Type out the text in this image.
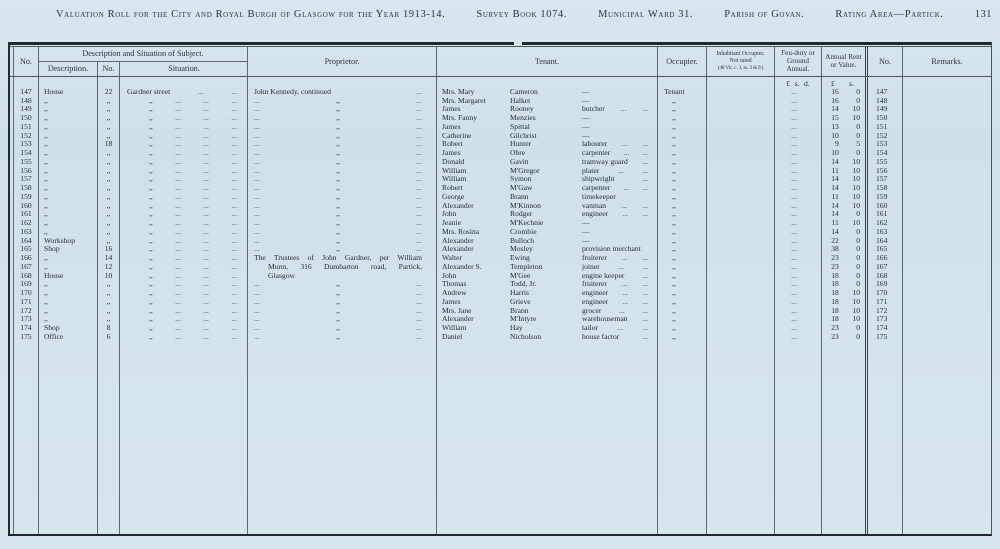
Valuation Roll for the City and Royal Burgh of Glasgow for the Year 1913-14.	Survey Book 1074.	Municipal Ward 31.	Parish of Govan.	Rating Area—Partick.	131
No.
Description and Situation of Subject.
Description.	No.	Situation.
Proprietor.	Tenant.	Occupier.
Inhabitant Occupier.
Not rated
(48 Vic. c. 3, ss. 3 & 9.)
Feu-duty or Ground Annual.
Annual Rent or Value.	No.	Remarks.
£ s. d.	£ s.
147	House	22	Gardner street	...	... John Kennedy, continued	...	Mrs. Mary	Cameron	—	Tenant	...	16	0	147
148	,,	,,	,,	...	...	... ...	,,	...	Mrs. Margaret	Halket	—	,,	...	16	0	148
149	,,	,,	,,	...	...	... ...	,,	...	James	Rooney	butcher ... ...	,,	...	14	10	149
150	,,	,,	,,	...	...	... ...	,,	...	Mrs. Fanny	Menzies	—	,,	...	15	10	150
151	,,	,,	,,	...	...	... ...	,,	...	James	Spittal	—	,,	...	13	0	151
152	,,	,,	,,	...	...	... ...	,,	...	Catherine	Gilchrist	—	,,	...	10	0	152
153	,,	18	,,	...	...	... ...	,,	...	Robert	Hunter	labourer ... ...	,,	...	9	5	153
154	,,	,,	,,	...	...	... ...	,,	...	James	Obre	carpenter ... ...	,,	...	10	0	154
155	,,	,,	,,	...	...	... ...	,,	...	Donald	Gavin	tramway guard ...	,,	...	14	10	155
156	,,	,,	,,	...	...	... ...	,,	...	William	M'Gregor	plater ... ...	,,	...	11	10	156
157	,,	,,	,,	...	...	... ...	,,	...	William	Symon	shipwright	...	,,	...	14	10	157
158	,,	,,	,,	...	...	... ...	,,	...	Robert	M'Gaw	carpenter ... ...	,,	...	14	10	158
159	,,	,,	,,	...	...	... ...	,,	...	George	Brann	timekeeper	,,	...	11	10	159
160	,,	,,	,,	...	...	... ...	,,	...	Alexander	M'Kinnon	vanman ... ...	,,	...	14	10	160
161	,,	,,	,,	...	...	... ...	,,	...	John	Rodger	engineer ... ...	,,	...	14	0	161
162	,,	,,	,,	...	...	... ...	,,	...	Jeanie	M'Kechnie	—	,,	...	11	10	162
163	,,	,,	,,	...	...	... ...	,,	...	Mrs. Rosina	Crombie	—	,,	...	14	0	163
164	Workshop	,,	,,	...	...	... ...	,,	...	Alexander	Bulloch	—	,,	...	22	0	164
165	Shop	16	,,	...	...	... ...	,,	...	Alexander	Mosley	provision merchant	,,	...	38	0	165
166	,,	14	,,	...	...	...	The Trustees of John Gardner, per William	Walter	Ewing	fruiterer ... ...	,,	...	23	0	166
167	,,	12	,,	...	...	...	Munn, 316 Dumbarton road, Partick,	Alexander S.	Templeton	joiner ... ...	,,	...	23	0	167
168	House	10	,,	...	...	...	Glasgow	John	M'Gee	engine keeper ...	,,	...	18	0	168
169	,,	,,	,,	...	...	... ...	,,	...	Thomas	Todd, Jr.	fruiterer ... ...	,,	...	18	0	169
170	,,	,,	,,	...	...	... ...	,,	...	Andrew	Harris	engineer ... ...	,,	...	18	10	170
171	,,	,,	,,	...	...	... ...	,,	...	James	Grieve	engineer ... ...	,,	...	18	10	171
172	,,	,,	,,	...	...	... ...	,,	...	Mrs. Jane	Brann	grocer ... ...	,,	...	18	10	172
173	,,	,,	,,	...	...	... ...	,,	...	Alexander	M'Intyre	warehouseman ...	,,	...	18	10	173
174	Shop	8	,,	...	...	... ...	,,	...	William	Hay	tailor	...	...	,,	...	23	0	174
175	Office	6	,,	...	...	... ...	,,	...	Daniel	Nicholson	house factor	...	,,	...	23	0	175
